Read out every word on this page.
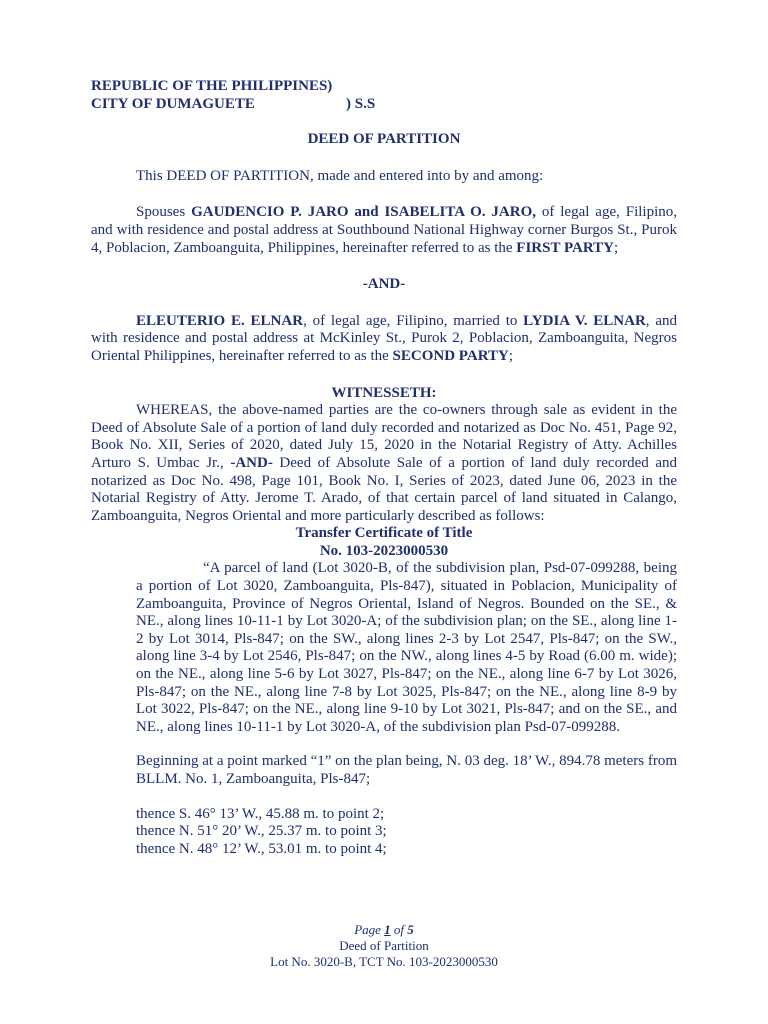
REPUBLIC OF THE PHILIPPINES)

CITY OF DUMAGUETE	) S.S

DEED OF PARTITION

This DEED OF PARTITION, made and entered into by and among:

Spouses GAUDENCIO P. JARO and ISABELITA O. JARO, of legal age, Filipino, and with residence and postal address at Southbound National Highway corner Burgos St., Purok 4, Poblacion, Zamboanguita, Philippines, hereinafter referred to as the FIRST PARTY;

-AND-

ELEUTERIO E. ELNAR, of legal age, Filipino, married to LYDIA V. ELNAR, and with residence and postal address at McKinley St., Purok 2, Poblacion, Zamboanguita, Negros Oriental Philippines, hereinafter referred to as the SECOND PARTY;

WITNESSETH:

WHEREAS, the above-named parties are the co-owners through sale as evident in the Deed of Absolute Sale of a portion of land duly recorded and notarized as Doc No. 451, Page 92, Book No. XII, Series of 2020, dated July 15, 2020 in the Notarial Registry of Atty. Achilles Arturo S. Umbac Jr., -AND- Deed of Absolute Sale of a portion of land duly recorded and notarized as Doc No. 498, Page 101, Book No. I, Series of 2023, dated June 06, 2023 in the Notarial Registry of Atty. Jerome T. Arado, of that certain parcel of land situated in Calango, Zamboanguita, Negros Oriental and more particularly described as follows:

Transfer Certificate of Title

No. 103-2023000530

“A parcel of land (Lot 3020-B, of the subdivision plan, Psd-07-099288, being a portion of Lot 3020, Zamboanguita, Pls-847), situated in Poblacion, Municipality of Zamboanguita, Province of Negros Oriental, Island of Negros. Bounded on the SE., & NE., along lines 10-11-1 by Lot 3020-A; of the subdivision plan; on the SE., along line 1-2 by Lot 3014, Pls-847; on the SW., along lines 2-3 by Lot 2547, Pls-847; on the SW., along line 3-4 by Lot 2546, Pls-847; on the NW., along lines 4-5 by Road (6.00 m. wide); on the NE., along line 5-6 by Lot 3027, Pls-847; on the NE., along line 6-7 by Lot 3026, Pls-847; on the NE., along line 7-8 by Lot 3025, Pls-847; on the NE., along line 8-9 by Lot 3022, Pls-847; on the NE., along line 9-10 by Lot 3021, Pls-847; and on the SE., and NE., along lines 10-11-1 by Lot 3020-A, of the subdivision plan Psd-07-099288.

Beginning at a point marked “1” on the plan being, N. 03 deg. 18’ W., 894.78 meters from BLLM. No. 1, Zamboanguita, Pls-847;

thence S. 46° 13’ W., 45.88 m. to point 2;
thence N. 51° 20’ W., 25.37 m. to point 3;
thence N. 48° 12’ W., 53.01 m. to point 4;
Page 1 of 5
Deed of Partition
Lot No. 3020-B, TCT No. 103-2023000530
